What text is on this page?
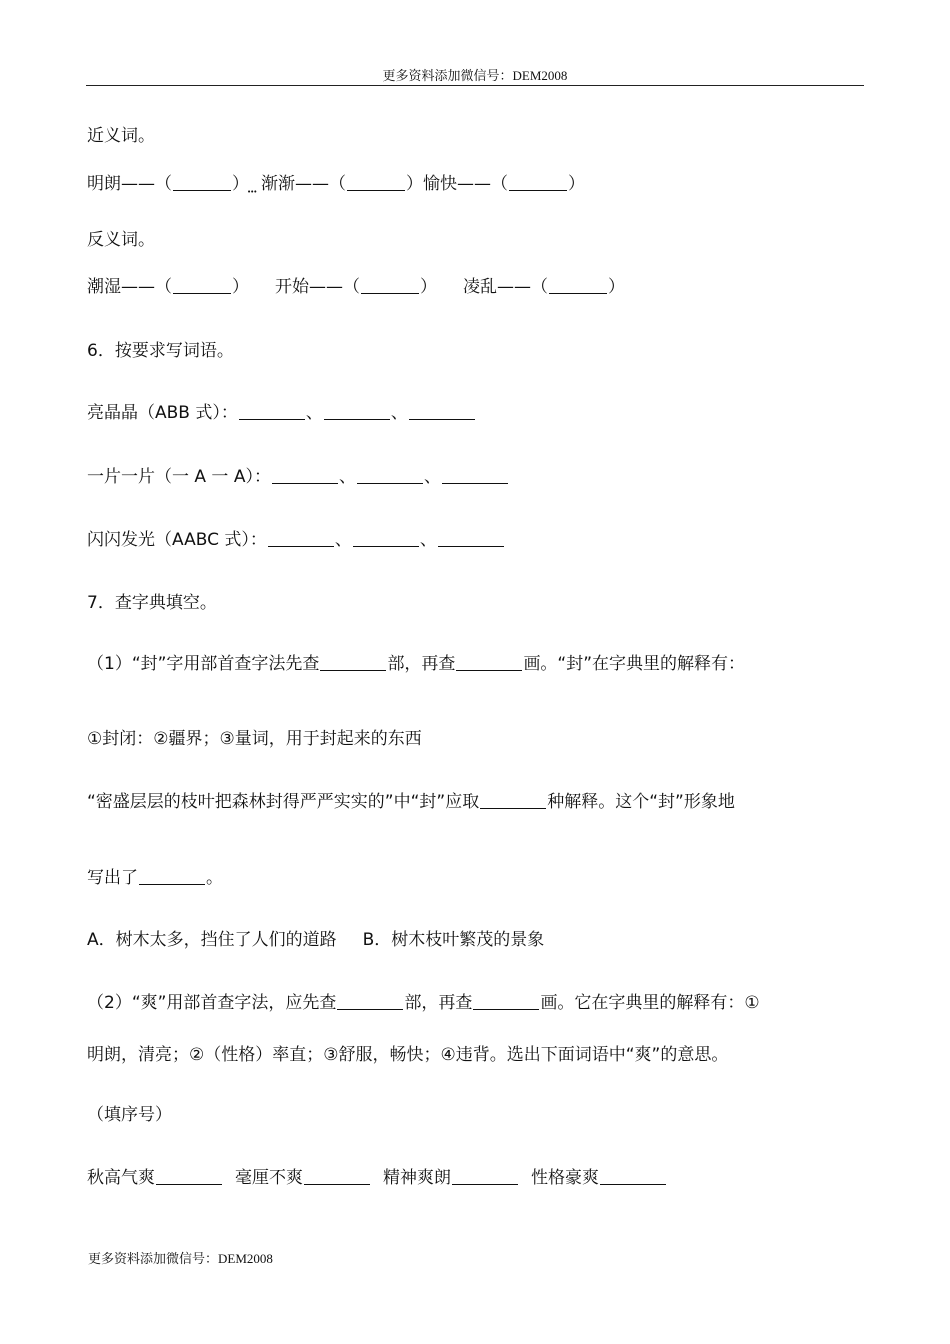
更多资料添加微信号：DEM2008
近义词。
明朗——（	） 渐渐——（ •••	）愉快——（	）
反义词。
潮湿——（	） 开始——（	） 凌乱——（	）
6．按要求写词语。
亮晶晶（ABB 式）：	、	、
一片一片（一 A 一 A）：	、	、
闪闪发光（AABC 式）：	、	、
7．查字典填空。
（1）“封”字用部首查字法先查	部，再查	画。“封”在字典里的解释有：
①封闭：②疆界；③量词，用于封起来的东西
“密盛层层的枝叶把森林封得严严实实的”中“封”应取	种解释。这个“封”形象地
写出了	。
A．树木太多，挡住了人们的道路 B．树木枝叶繁茂的景象
（2）“爽”用部首查字法，应先查	部，再查	画。它在字典里的解释有：①
明朗，清亮；②（性格）率直；③舒服，畅快；④违背。选出下面词语中“爽”的意思。
（填序号）
秋高气爽	毫厘不爽	精神爽朗	性格豪爽
更多资料添加微信号：DEM2008
